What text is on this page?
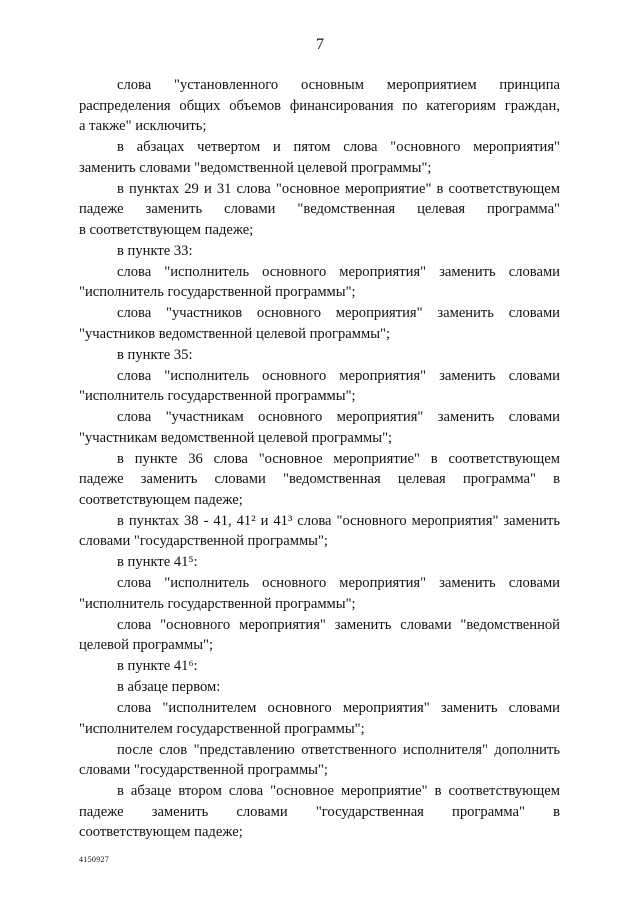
7
слова "установленного основным мероприятием принципа
распределения общих объемов финансирования по категориям граждан,
а также" исключить;
в абзацах четвертом и пятом слова "основного мероприятия"
заменить словами "ведомственной целевой программы";
в пунктах 29 и 31 слова "основное мероприятие" в соответствующем
падеже заменить словами "ведомственная целевая программа"
в соответствующем падеже;
в пункте 33:
слова "исполнитель основного мероприятия" заменить словами
"исполнитель государственной программы";
слова "участников основного мероприятия" заменить словами
"участников ведомственной целевой программы";
в пункте 35:
слова "исполнитель основного мероприятия" заменить словами
"исполнитель государственной программы";
слова "участникам основного мероприятия" заменить словами
"участникам ведомственной целевой программы";
в пункте 36 слова "основное мероприятие" в соответствующем
падеже заменить словами "ведомственная целевая программа" в
соответствующем падеже;
в пунктах 38 - 41, 41² и 41³ слова "основного мероприятия" заменить
словами "государственной программы";
в пункте 41⁵:
слова "исполнитель основного мероприятия" заменить словами
"исполнитель государственной программы";
слова "основного мероприятия" заменить словами "ведомственной
целевой программы";
в пункте 41⁶:
в абзаце первом:
слова "исполнителем основного мероприятия" заменить словами
"исполнителем государственной программы";
после слов "представлению ответственного исполнителя" дополнить
словами "государственной программы";
в абзаце втором слова "основное мероприятие" в соответствующем
падеже заменить словами "государственная программа" в
соответствующем падеже;
4150927
